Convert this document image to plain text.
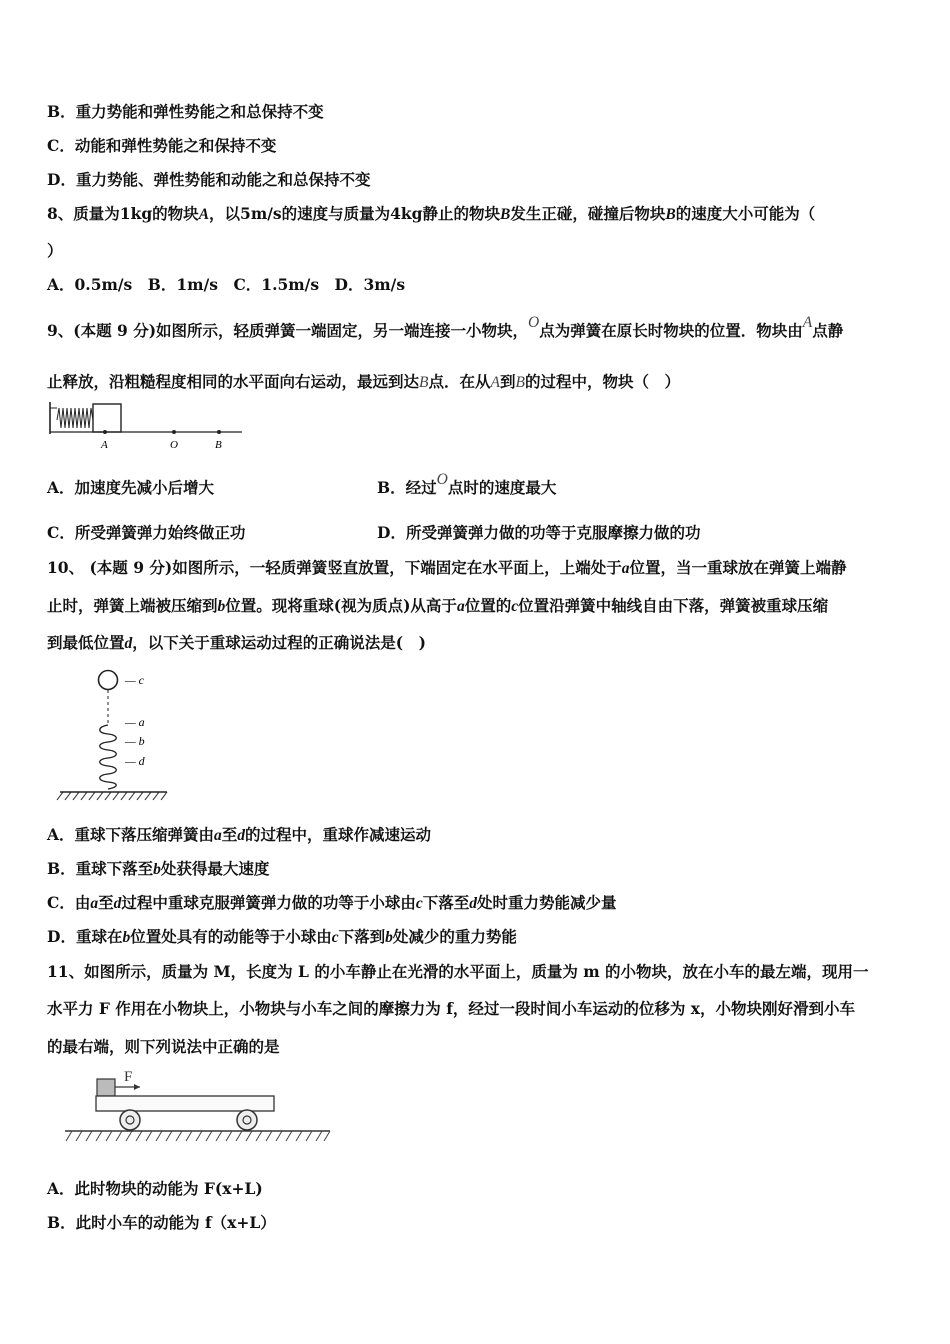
B．重力势能和弹性势能之和总保持不变
C．动能和弹性势能之和保持不变
D．重力势能、弹性势能和动能之和总保持不变
8、质量为1kg的物块A，以5m/s的速度与质量为4kg静止的物块B发生正碰，碰撞后物块B的速度大小可能为（
）
A．0.5m/s　B．1m/s　C．1.5m/s　D．3m/s
9、(本题 9 分)如图所示，轻质弹簧一端固定，另一端连接一小物块，O点为弹簧在原长时物块的位置．物块由A点静
止释放，沿粗糙程度相同的水平面向右运动，最远到达B点．在从A到B的过程中，物块（　）
A	O	B
A．加速度先减小后增大	B．经过O点时的速度最大
C．所受弹簧弹力始终做正功	D．所受弹簧弹力做的功等于克服摩擦力做的功
10、 (本题 9 分)如图所示，一轻质弹簧竖直放置，下端固定在水平面上，上端处于a位置，当一重球放在弹簧上端静
止时，弹簧上端被压缩到b位置。现将重球(视为质点)从高于a位置的c位置沿弹簧中轴线自由下落，弹簧被重球压缩
到最低位置d，以下关于重球运动过程的正确说法是(　)
— c
— a
— b
— d
A．重球下落压缩弹簧由a至d的过程中，重球作减速运动
B．重球下落至b处获得最大速度
C．由a至d过程中重球克服弹簧弹力做的功等于小球由c下落至d处时重力势能减少量
D．重球在b位置处具有的动能等于小球由c下落到b处减少的重力势能
11、如图所示，质量为 M，长度为 L 的小车静止在光滑的水平面上，质量为 m 的小物块，放在小车的最左端，现用一
水平力 F 作用在小物块上，小物块与小车之间的摩擦力为 f，经过一段时间小车运动的位移为 x，小物块刚好滑到小车
的最右端，则下列说法中正确的是
F
A．此时物块的动能为 F(x+L)
B．此时小车的动能为 f（x+L）
